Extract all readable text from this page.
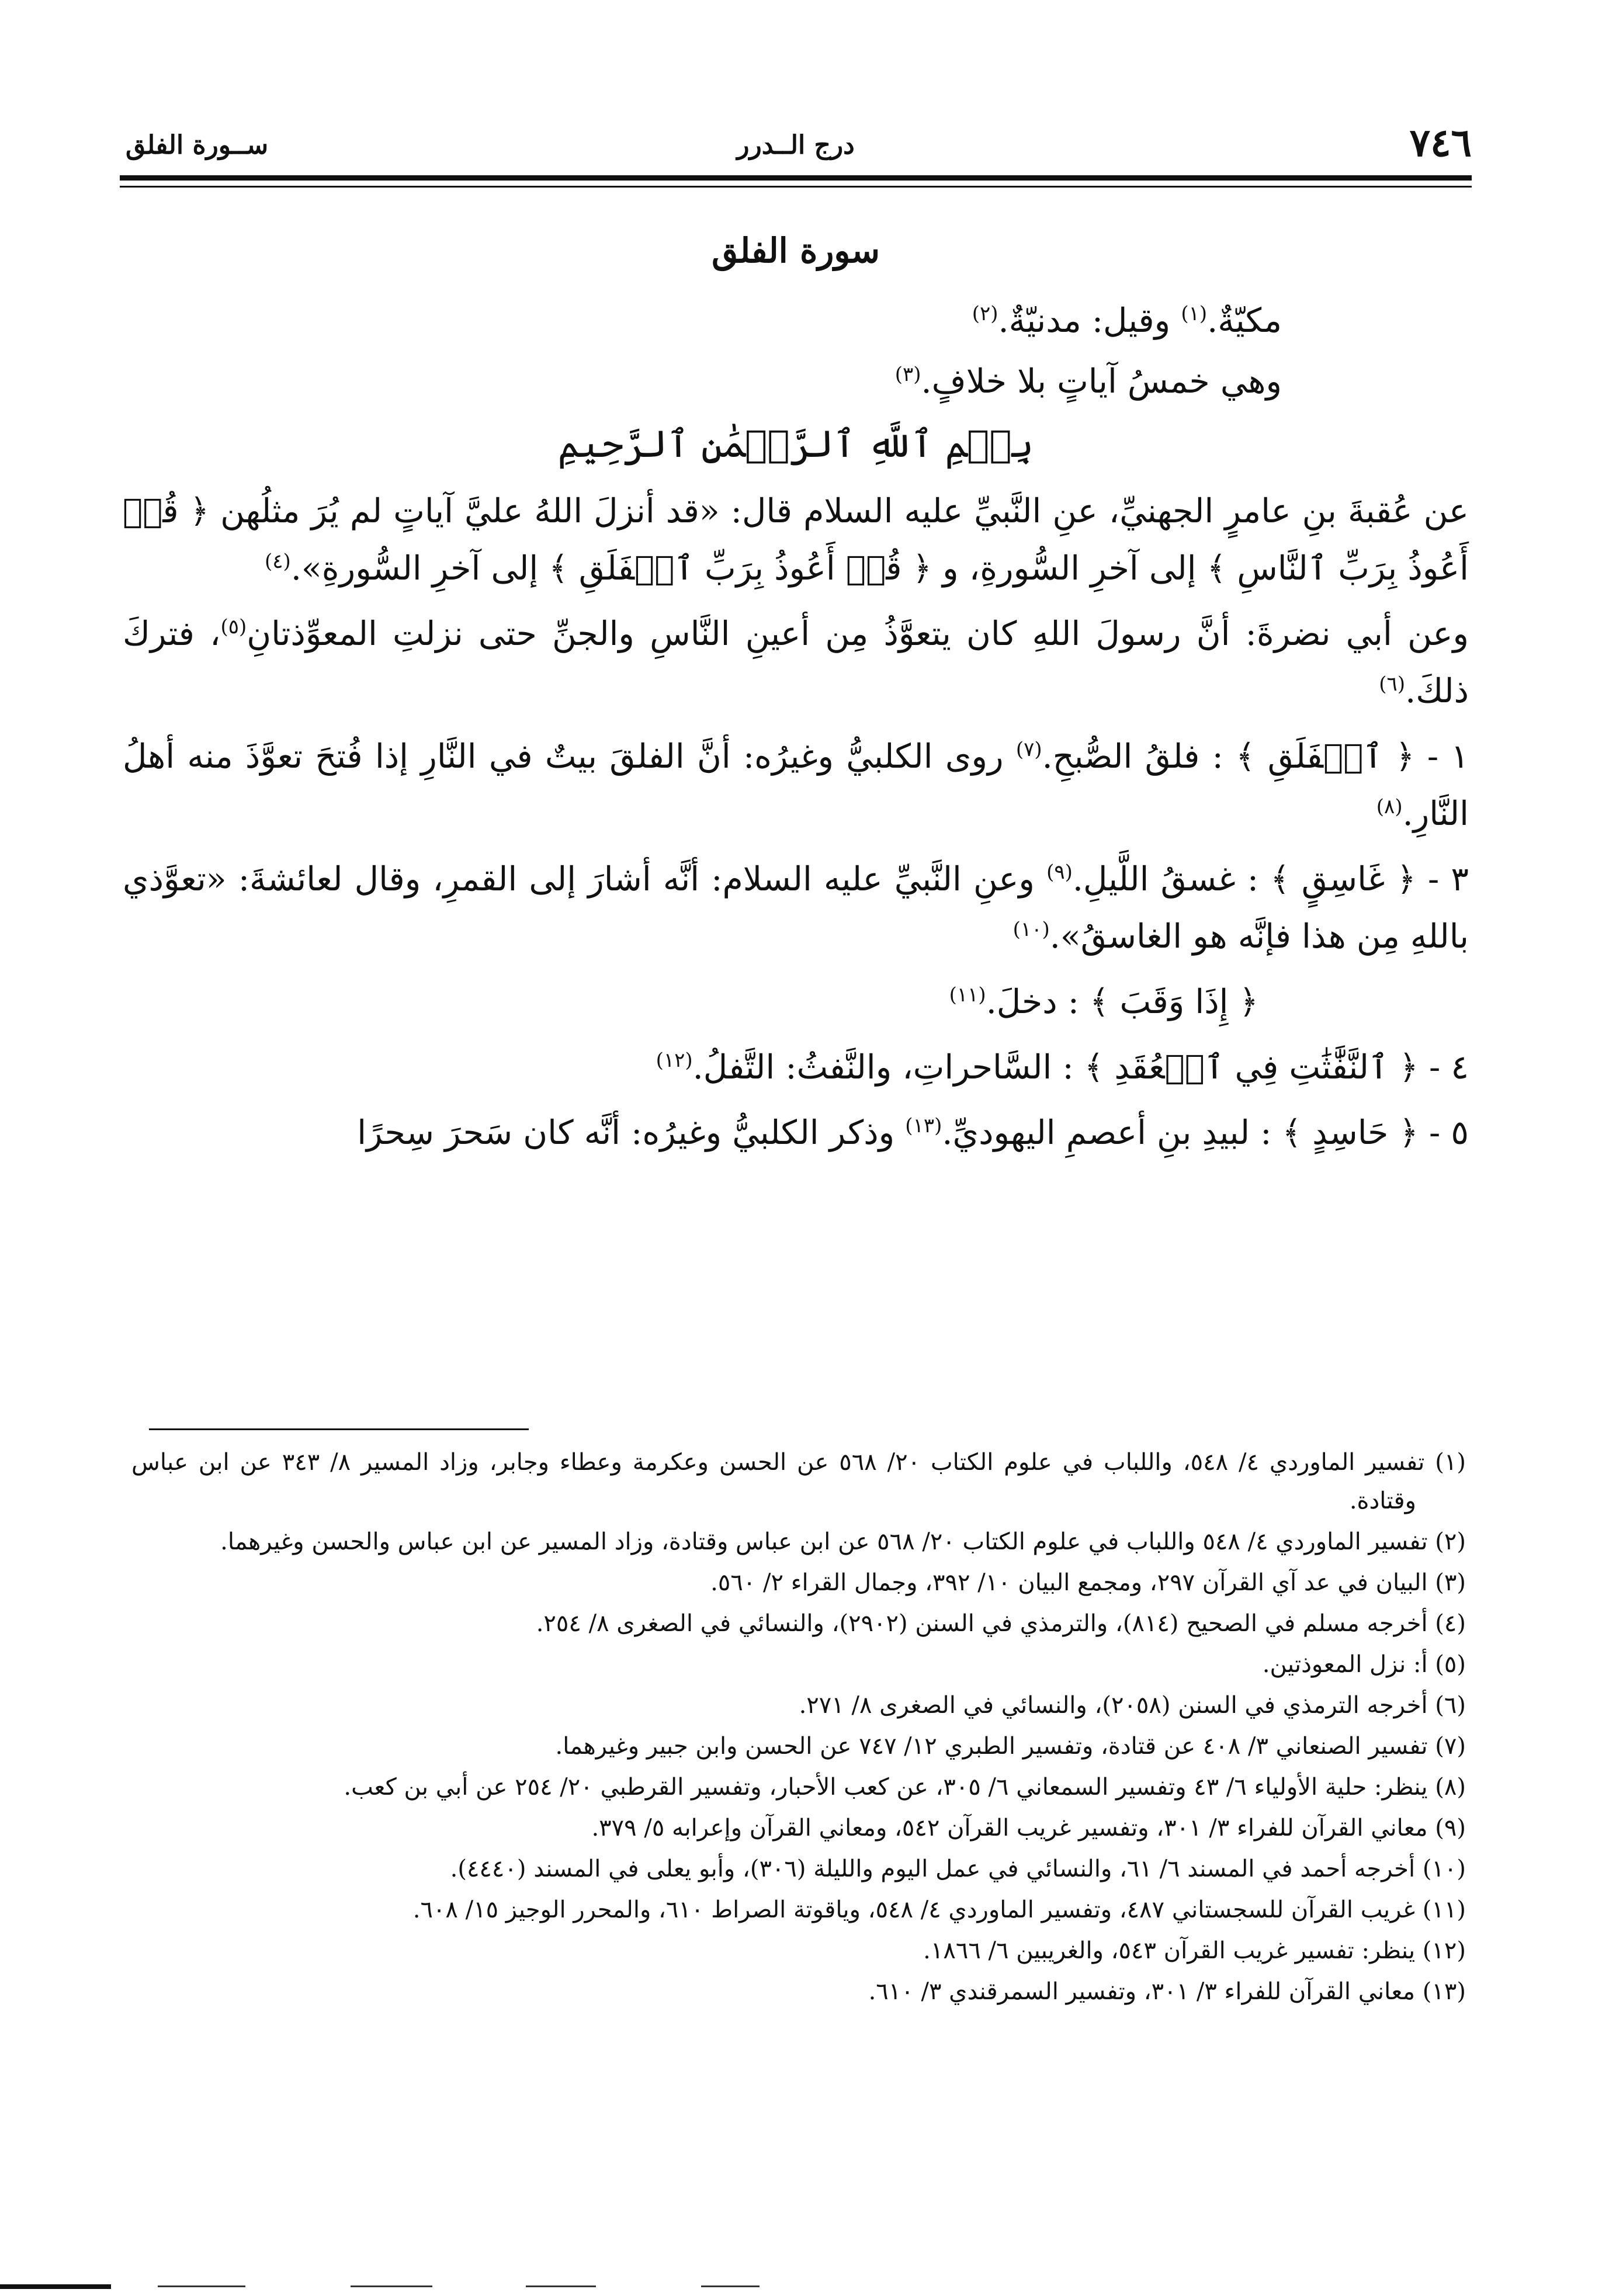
٧٤٦
درج الــدرر
ســورة الفلق
سورة الفلق

مكيّةٌ.$^{(١)}$ وقيل: مدنيّةٌ.$^{(٢)}$

وهي خمسُ آياتٍ بلا خلافٍ.$^{(٣)}$

بِسۡمِ ٱللَّهِ ٱلرَّحۡمَٰنِ ٱلرَّحِيمِ

عن عُقبةَ بنِ عامرٍ الجهنيِّ، عنِ النَّبيِّ عليه السلام قال: «قد أنزلَ اللهُ عليَّ آياتٍ لم يُرَ مثلُهن ﴿ قُلۡ أَعُوذُ بِرَبِّ ٱلنَّاسِ ﴾ إلى آخرِ السُّورةِ، و ﴿ قُلۡ أَعُوذُ بِرَبِّ ٱلۡفَلَقِ ﴾ إلى آخرِ السُّورةِ».$^{(٤)}$

وعن أبي نضرةَ: أنَّ رسولَ اللهِ كان يتعوَّذُ مِن أعينِ النَّاسِ والجنِّ حتى نزلتِ المعوِّذتانِ$^{(٥)}$، فتركَ ذلكَ.$^{(٦)}$

١ - ﴿ ٱلۡفَلَقِ ﴾ : فلقُ الصُّبحِ.$^{(٧)}$ روى الكلبيُّ وغيرُه: أنَّ الفلقَ بيتٌ في النَّارِ إذا فُتحَ تعوَّذَ منه أهلُ النَّارِ.$^{(٨)}$

٣ - ﴿ غَاسِقٍ ﴾ : غسقُ اللَّيلِ.$^{(٩)}$ وعنِ النَّبيِّ عليه السلام: أنَّه أشارَ إلى القمرِ، وقال لعائشةَ: «تعوَّذي باللهِ مِن هذا فإنَّه هو الغاسقُ».$^{(١٠)}$

﴿ إِذَا وَقَبَ ﴾ : دخلَ.$^{(١١)}$

٤ - ﴿ ٱلنَّفَّٰثَٰتِ فِي ٱلۡعُقَدِ ﴾ : السَّاحراتِ، والنَّفثُ: التَّفلُ.$^{(١٢)}$

٥ - ﴿ حَاسِدٍ ﴾ : لبيدِ بنِ أعصمِ اليهوديِّ.$^{(١٣)}$ وذكر الكلبيُّ وغيرُه: أنَّه كان سَحرَ سِحرًا

(١) تفسير الماوردي ٤/ ٥٤٨، واللباب في علوم الكتاب ٢٠/ ٥٦٨ عن الحسن وعكرمة وعطاء وجابر، وزاد المسير ٨/ ٣٤٣ عن ابن عباس وقتادة.

(٢) تفسير الماوردي ٤/ ٥٤٨ واللباب في علوم الكتاب ٢٠/ ٥٦٨ عن ابن عباس وقتادة، وزاد المسير عن ابن عباس والحسن وغيرهما.

(٣) البيان في عد آي القرآن ٢٩٧، ومجمع البيان ١٠/ ٣٩٢، وجمال القراء ٢/ ٥٦٠.

(٤) أخرجه مسلم في الصحيح (٨١٤)، والترمذي في السنن (٢٩٠٢)، والنسائي في الصغرى ٨/ ٢٥٤.

(٥) أ: نزل المعوذتين.

(٦) أخرجه الترمذي في السنن (٢٠٥٨)، والنسائي في الصغرى ٨/ ٢٧١.

(٧) تفسير الصنعاني ٣/ ٤٠٨ عن قتادة، وتفسير الطبري ١٢/ ٧٤٧ عن الحسن وابن جبير وغيرهما.

(٨) ينظر: حلية الأولياء ٦/ ٤٣ وتفسير السمعاني ٦/ ٣٠٥، عن كعب الأحبار، وتفسير القرطبي ٢٠/ ٢٥٤ عن أبي بن كعب.

(٩) معاني القرآن للفراء ٣/ ٣٠١، وتفسير غريب القرآن ٥٤٢، ومعاني القرآن وإعرابه ٥/ ٣٧٩.

(١٠) أخرجه أحمد في المسند ٦/ ٦١، والنسائي في عمل اليوم والليلة (٣٠٦)، وأبو يعلى في المسند (٤٤٤٠).

(١١) غريب القرآن للسجستاني ٤٨٧، وتفسير الماوردي ٤/ ٥٤٨، وياقوتة الصراط ٦١٠، والمحرر الوجيز ١٥/ ٦٠٨.

(١٢) ينظر: تفسير غريب القرآن ٥٤٣، والغريبين ٦/ ١٨٦٦.

(١٣) معاني القرآن للفراء ٣/ ٣٠١، وتفسير السمرقندي ٣/ ٦١٠.
